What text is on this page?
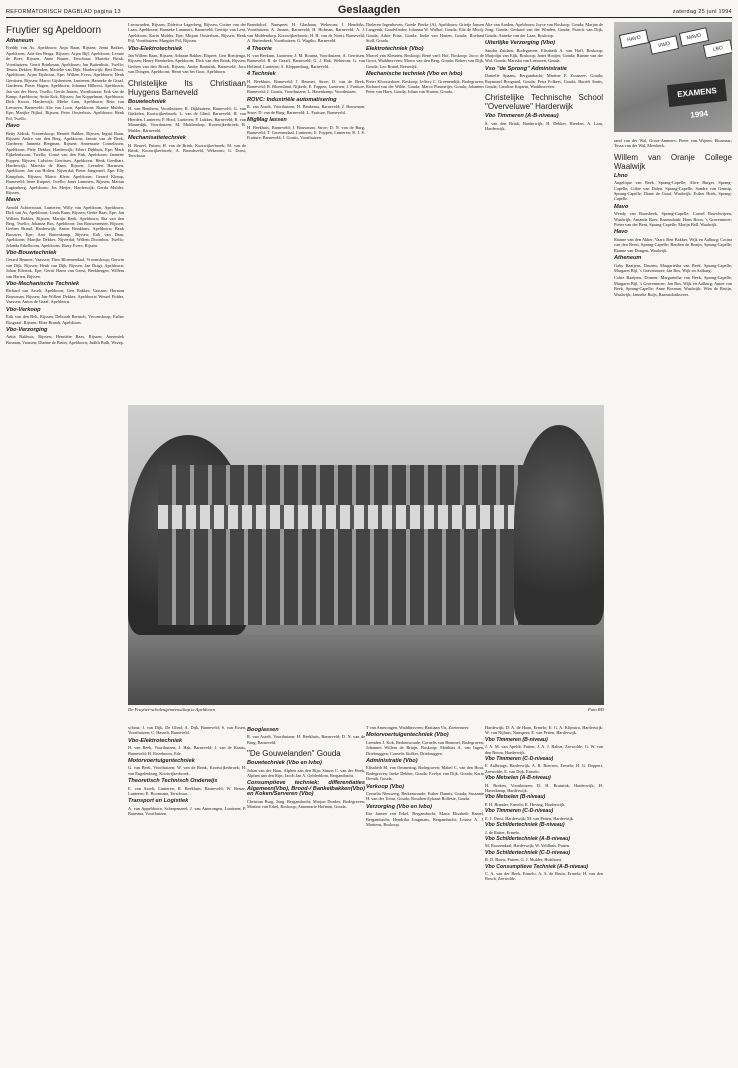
REFORMATORISCH DAGBLAD pagina 13	Geslaagden	zaterdag 25 juni 1994
Fruytier sg Apeldoorn
Atheneum

Freddy van As, Apeldoorn; Anja Baan, Rijssen; Jenni Bakker, Apeldoorn; Arie-Jan Berga, Rijssen; Arjan Bijl, Apeldoorn; Leonie de Boer, Rijssen; Anne Bouter, Terschuur; Marieke Brink, Voorthuizen; Gerrit Brinkman, Apeldoorn; Jan Buitenhuis, Twello; Teunis Dekker, Hierden; Marieke van Dijk, Harderwijk; Bert Drost, Apeldoorn; Arjan Eijsbouts, Epe; Willem Evers, Apeldoorn; Henk Gerritsen, Rijssen; Marco Gijsbertsen, Lunteren; Hanneke de Graaf, Garderen; Pieter Hagen, Apeldoorn; Johanna Hilhorst, Apeldoorn; Jan van der Horst, Twello; Gerda Jansen, Voorthuizen; Erik van de Kamp, Apeldoorn; Anita Kok, Rijssen; Jan Koppelman, Apeldoorn; Dick Kroon, Harderwijk; Mieke Lam, Apeldoorn; Rein van Leeuwen, Barneveld; Alie van Loon, Apeldoorn; Rianne Mulder, Epe; Marijke Nijhof, Rijssen; Peter Oosterhuis, Apeldoorn; Henk Pol, Twello.

Havo

Betty Aldink, Vroomshoop; Henriët Bakker, Rijssen; Ingrid Baan, Rijssen; Andre van den Berg, Apeldoorn; Jannie van de Beek, Garderen; Jannetta Bregman, Rijssen; Annemarie Cornelissen, Apeldoorn; Piety Dekker, Harderwijk; Eibert Dijkhuis, Epe; Mark Eijkelenboom, Twello; Corné van den Enk, Apeldoorn; Jannette Foppen, Rijssen; Lidwien Gerritsen, Apeldoorn; Henk Goedhart, Harderwijk; Mariska de Haan, Rijssen; Leendert Harmsen, Apeldoorn; Jan van Holten, Nijverdal; Pieter Jongeneel, Epe; Elly Kamphuis, Rijssen; Marco Klein, Apeldoorn; Gerard Klomp, Barneveld; Irene Kuipers, Twello; Janet Lammers, Rijssen; Marian Lugtenberg, Apeldoorn; Jos Meijer, Harderwijk; Gerda Mulder, Rijssen.

Mavo

Arnold Achterstraat, Lunteren; Willy van Apeldoorn, Apeldoorn; Dirk van As, Apeldoorn; Linda Baan, Rijssen; Gerke Baas, Epe; Jan Willem Bakker, Rijssen; Martijn Beek, Apeldoorn; Ria van den Berg, Twello; Johanna Bos, Apeldoorn; Jan Bouwmeester, Rijssen; Gerben Brand, Harderwijk; Anton Brinkhuis, Apeldoorn; Henk Brouwer, Epe; Aart Buitenkamp, Rijssen; Erik van Dam, Apeldoorn; Marijke Dekker, Nijverdal; Willem Doornbos, Twello; Jolanda Eikelboom, Apeldoorn; Harry Evers, Rijssen.

Vbo-Bouwtechniek

Gerard Beumer, Vaassen; Theo Bloemendaal, Vroomshoop; Gerwin van Dijk, Rijssen; Henk van Dijk, Rijssen; Jan Dragt, Apeldoorn; Johan Elferink, Epe; Gerrit Harm van Geest, Beekbergen; Willem van Harten, Rijssen.

Vbo-Mechanische Techniek

Richard van Asselt, Apeldoorn; Gert Bakker, Vaassen; Herman Bouwman, Rijssen; Jan-Willem Dekker, Apeldoorn; Wessel Fidder, Vaassen; Anton de Graaf, Apeldoorn.

Vbo-Verkoop

Erik van den Belt, Rijssen; Deborah Bermolt, Vroomshoop; Esther Bosgraaf, Rijssen; Elize Brandt, Apeldoorn.

Vbo-Verzorging

Anita Bakhuis, Rijssen; Henriëtte Baas, Rijssen; Annemiek Bosman, Vaassen; Dianne de Bruin, Apeldoorn; Judith Bulk, Wezep.

Leeuwarden, Rijssen; Diderica Lagerberg, Rijssen; Corine van der Laan, Apeldoorn; Hanneke Lammers, Barneveld; Gerritje van Lent, Apeldoorn; Karin Mulder, Epe; Mirjam Oosterhuis, Rijssen; Henk Pijl, Voorthuizen; Margriet Pol, Rijssen.

Vbo-Elektrotechniek

Jan Willem Baan, Rijssen; Adriaan Bakker, Elspeet; Gert Boeijenga, Rijssen; Henry Breukelen, Apeldoorn; Dick van den Brink, Rijssen; Gerben van den Broek, Rijssen; Andre Bruinink, Barneveld; Jaco van Dongen, Apeldoorn; Henri van het Goor, Apeldoorn.

Christelijke Its Christiaan Huygens Barneveld
Bouwtechniek

H. van Benthem, Voorthuizen; R. Dijkhuizen, Barneveld; G. van Ginkelen, Kootwijkerbroek; L. van de Glind, Barneveld; H. van Hierden, Lunteren; P. Hoof, Lunteren; P. Lukkes, Barneveld; R. van Maanedijk, Voorthuizen; M. Middendorp, Kootwijkerbroek; B. Mulder, Barneveld.

Mechanisatietechniek

H. Beuzel, Putten; H. van de Brink, Kootwijkerbroek; M. van de Brink, Kootwijkerbroek; A. Brondsveld, Wekerom; G. Dorst, Terschuur.

Brandsdorf, Nunspeet; H. Glashaan, Wekerom; J. Hendriks, Voorthuizen; A. Jansen, Barneveld; H. Hofman, Barneveld; A. J. van Middendorp, Kootwijkerbroek; H. H. van de Noort, Barneveld; A. Ruitenbeek, Voorthuizen; G. Wagtho, Barneveld.

4 Theorie

H. van Beekum, Lunteren; J. M. Bouma, Voorthuizen; A. Gerritsen, Barneveld; R. de Graaff, Barneveld; G. J. Hak, Wekerom; G. van Holland, Lunteren; A. Kloppenburg, Barneveld.

4 Techniek

H. Beekhuis, Barneveld; J. Beumer, Stroe; D. van de Beek, Barneveld; R. Bloemland, Nijkerk; E. Foppen, Lunteren; J. Fraiture, Barneveld; J. Goutis, Voorthuizen; L. Hasenkamp, Voorthuizen.

ROVC: Industriële automatisering

R. van Asselt, Voorthuizen; H. Beukema, Barneveld; J. Bouwman, Stroe; D. van de Burg, Barneveld; L. Fraiture, Barneveld.

MigMag lassen

H. Beekhuis, Barneveld; J. Bouwman, Stroe; D. N. van de Burg, Barneveld; T. Groenendaal, Lunteren; E. Foppen, Lunteren; R. J. S. Fraiture, Barneveld; J. Goutis, Voorthuizen.

Dieleren Ingenhoven, Goede Pierke (A), Apeldoorn; Grietje Jansen Langerak, Goudvlinder; Johanna W. Walhof, Gouda; Elie de Mooij, Gouda; Adrie Prins, Gouda; Ineke van Harten, Gouda; Roeland Stoll, Gouda.

Elektrotechniek (Vbo)

Marcel van Kleunen, Boskoop; René van't Hof, Boskoop; Jacco de Groot, Waddinxveen; Marco van den Berg, Gouda; Robert van Dijk, Gouda; Leo Brand, Reeuwijk.

Mechanische techniek (Vbo en lvbo)

Pieter Kloosterboer, Boskoop; Jeffrey C. Groenendijk, Bodegraven; Richard van der Wilde, Gouda; Marco Plasmeijer, Gouda; Johannes Peter van Harn, Gouda; Johan van Straten, Gouda.

Alie van Aarden, Apeldoorn; Joyce van Boskoop, Gouda; Marjan de Jong, Gouda; Gerhard van der Winden, Gouda; Patrick van Dijk, Gouda; Anneke van der Laan, Boskoop.

Uiterlijke Verzorging (Vbo)

Sandra Zuidam, Bodegraven; Elisabeth A. van Hoff, Boskoop; Marjolijn van Eijk, Boskoop; Janet Hooijer, Gouda; Rianne van der Wal, Gouda; Mariska van Leeuwen, Gouda.

Vso "de Sprong" Administratie

Danielle Spaans, Bergambacht; Martine F. Zwanzee, Gouda; Raymond Boogaard, Gouda; Petra Folkers, Gouda; Harriët Smits, Gouda; Caroline Kaptein, Waddinxveen.

Christelijke Technische School "Overveluwe" Harderwijk
Vbo Timmeren (A-B-niveau)

S. van den Brink, Harderwijk; H. Dekker, Hierden; A. Lam, Harderwijk.

De Fruytier-scholengemeenschap te Apeldoorn	Foto RD
HAVO
VWO
MAVO
LBO
EXAMENS 1994

rand van der Wal, Groot-Ammers; Pieter van Wijnen, Hoornaar; Tessa van der Wal, Meerkerk.

Willem van Oranje College Waalwijk
Lhno

Angelique van Beek, Sprang-Capelle; Alice Burger, Sprang-Capelle; Cobie van Dalen, Sprang-Capelle; Sandra van Gennip, Sprang-Capelle; Diane de Graaf, Waalwijk; Esther Hoek, Sprang-Capelle.

Mavo

Wendy van Baarsbeek, Sprang-Capelle; Cornel Bouwhuijzen, Waalwijk; Amanda Boer, Raamsdonk; Hans Boon, 's Gravenmoer; Pieter van der Bent, Sprang-Capelle; Marijn Bell, Waalwijk.

Havo

Rianne van den Akker, Vaart; Bert Bakker, Wijk en Aalburg; Corina van den Beest, Sprang-Capelle; Berdien de Bruijn, Sprang-Capelle; Rianne van Dongen, Waalwijk.

Atheneum

Gaby Baaijens, Drunen; Margarietha van Beek, Sprang-Capelle; Margaret Bijl, 's Gravenmoer; Jan Bos, Wijk en Aalburg.

Cobie Baaijens, Drunen; Margarietha van Beek, Sprang-Capelle; Margaret Bijl, 's Gravenmoer; Jan Bos, Wijk en Aalburg; Annet van Beek, Sprang-Capelle; Anne Bosman, Waalwijk; Wim de Bruijn, Waalwijk; Janneke Buijs, Raamsdonksveer.

schout; J. van Dijk, De Glind; A. Dijk, Barneveld; S. van Essen, Voorthuizen; C. Hasselt, Barneveld.

Vbo-Elektrotechniek

H. van Beek, Voorthuizen; J. Hak, Barneveld; J. van de Kraats, Barneveld; H. Rozeboom, Ede.

Motorvoertuigentechniek

G. van Beek, Voorthuizen; W. van de Brink, Kootwijkerbroek; H. van Engelenburg, Kootwijkerbroek.

Theoretisch Technisch Onderwijs

E. van Asselt, Lunteren; R. Beekhuis, Barneveld; W. Beuze, Lunteren; E. Boomsma, Terschuur.

Transport en Logistiek

A. van Appeldoorn, Scherpenzeel; J. van Amerongen, Lunteren; P. Baarsma, Voorthuizen.

Booglassen

R. van Asselt, Voorthuizen; H. Beekhuis, Barneveld; D. N. van de Burg, Barneveld.

"De Gouwelanden" Gouda
Bouwtechniek (Vbo en lvbo)

Johan van der Haas, Alphen aan den Rijn; Simon C. van der Hoek, Alphen aan den Rijn; Jacob Jan A. Gelderblom, Bergambacht.

Consumptieve techniek; differentiaties Algemeen(Vbo), Brood-/ Banketbakken(Vbo) en Koken/Serveren (Vbo)

Christian Burg, Jong, Bergambacht; Marjon Donker, Bodegraven; Martine van Erkel, Boskoop; Annemarie Hofman, Gouda.

T van Amerongen, Waddinxveen; Bastiaan Vis, Zoetermeer.

Motorvoertuigentechniek (Vbo)

Leendert J. Kok, Berkenwoude; Cornelis van Bemmel, Bodegraven; Johannes Willem de Bruijn, Boskoop; Matthias A. van Ingen, Driebruggen; Cornelis Stolker, Driebruggen.

Administratie (Vbo)

Elisabeth M. van Ommering, Bodegraven; Mabel C. van den Hout, Bodegraven; Ineke Dekker, Gouda; Evelyn van Dijk, Gouda; Karin Drenth, Gouda.

Verkoop (Vbo)

Cornelia Nieuwerg, Berkenwoude; Esther Dannis, Gouda; Susannie H. van der Toorn, Gouda; Rosalien Eykaart Bolleste, Gouda.

Verzorging (Vbo en lvbo)

Ilse Jansen van Erkel, Bergambacht; Maria Elisabeth Hamel, Bergambacht; Hendrika Jongmans, Bergambacht; Louise A. J. Marttens, Boskoop.

Hardewijk; D. A. de Haan, Ermelo; E. G. A. Klijnstra, Harderwijk; W. van Nijhuis, Nunspeet; E. van Petten, Harderwijk.

Vbo Timmeren (B-niveau)

J. A. M. van Apeldt, Putten; J. A. J. Baltus, Zeewolde; G. W. van den Boom, Harderwijk.

Vbo Timmeren (C-D-niveau)

F. Aalbrings, Harderwijk; A. R. Boersen, Ermelo; H. G. Doppert, Zeewolde; E. van Dijk, Ermelo.

Vbo Metselen (A-B-niveau)

H. Breken, Voorthuizen; D. H. Bruinink, Harderwijk; H. Haverkamp, Harderwijk.

Vbo Metselen (B-niveau)

P. H. Brander, Ermelo; E. Hoving, Harderwijk.

Vbo Timmeren (C-D-niveau)

E. J. Drost, Harderwijk; M. van Petten, Harderwijk.

Vbo Schildertechniek (B-niveau)

J. de Ruiter, Ermelo.

Vbo Schildertechniek (A-B-niveau)

M. Roozendaal, Harderwijk; W. Veldhuis, Putten.

Vbo Schildertechniek (C-D-niveau)

R. D. Bouw, Putten; G. J. Mulder, Hulshorst.

Vbo Consumptieve Techniek (A-B-niveau)

C. A. van der Beek, Ermelo; A. S. de Bruin, Ermelo; H. van den Bosch, Zeewolde.
